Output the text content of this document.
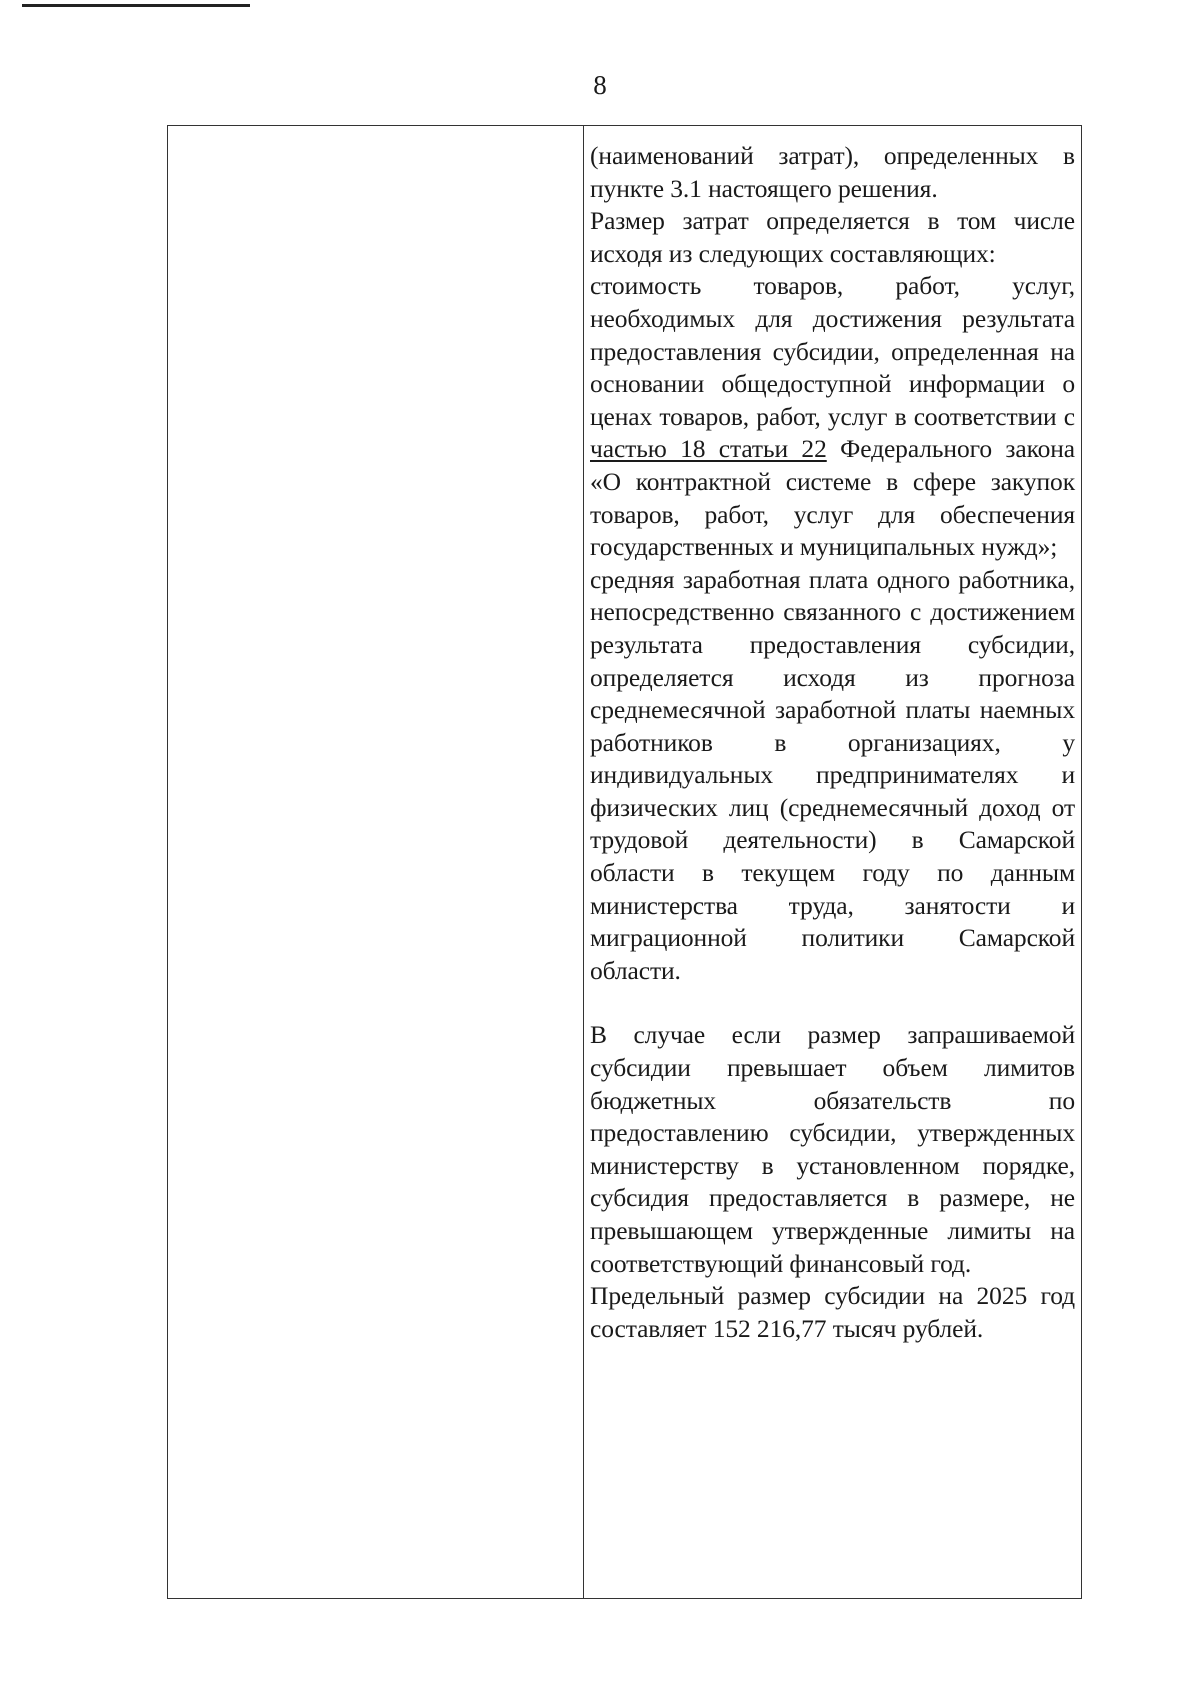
8

(наименований затрат), определенных в пункте 3.1 настоящего решения.

Размер затрат определяется в том числе исходя из следующих составляющих:

стоимость товаров, работ, услуг, необходимых для достижения результата предоставления субсидии, определенная на основании общедоступной информации о ценах товаров, работ, услуг в соответствии с частью 18 статьи 22 Федерального закона «О контрактной системе в сфере закупок товаров, работ, услуг для обеспечения государственных и муниципальных нужд»;

средняя заработная плата одного работника, непосредственно связанного с достижением результата предоставления субсидии, определяется исходя из прогноза среднемесячной заработной платы наемных работников в организациях, у индивидуальных предпринимателях и физических лиц (среднемесячный доход от трудовой деятельности) в Самарской области в текущем году по данным министерства труда, занятости и миграционной политики Самарской области.

В случае если размер запрашиваемой субсидии превышает объем лимитов бюджетных обязательств по предоставлению субсидии, утвержденных министерству в установленном порядке, субсидия предоставляется в размере, не превышающем утвержденные лимиты на соответствующий финансовый год.

Предельный размер субсидии на 2025 год составляет 152 216,77 тысяч рублей.
